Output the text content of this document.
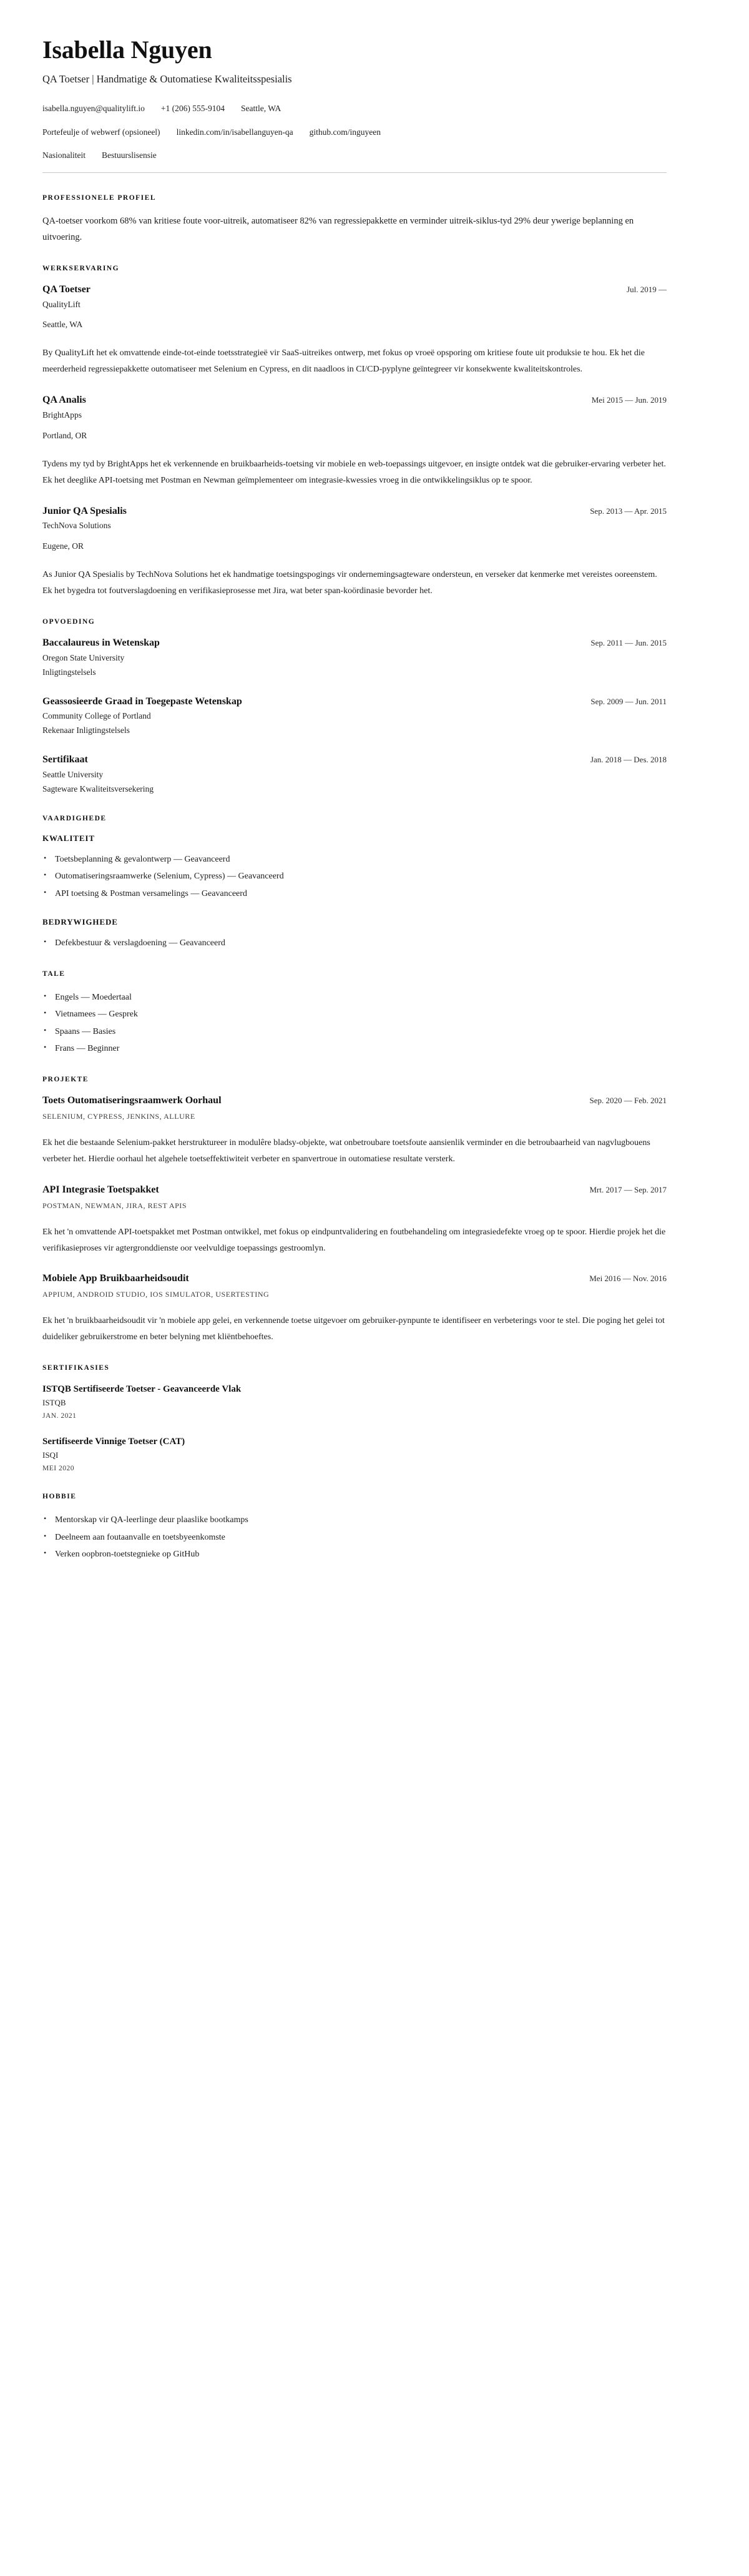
Isabella Nguyen
QA Toetser | Handmatige & Outomatiese Kwaliteitsspesialis
isabella.nguyen@qualitylift.io +1 (206) 555-9104 Seattle, WA
Portefeulje of webwerf (opsioneel) linkedin.com/in/isabellanguyen-qa github.com/inguyeen
Nasionaliteit Bestuurslisensie
PROFESSIONELE PROFIEL

QA-toetser voorkom 68% van kritiese foute voor-uitreik, automatiseer 82% van regressiepakkette en verminder uitreik-siklus-tyd 29% deur ywerige beplanning en uitvoering.

WERKSERVARING
QA Toetser	Jul. 2019 —
QualityLift
Seattle, WA

By QualityLift het ek omvattende einde-tot-einde toetsstrategieë vir SaaS-uitreikes ontwerp, met fokus op vroeë opsporing om kritiese foute uit produksie te hou. Ek het die meerderheid regressiepakkette outomatiseer met Selenium en Cypress, en dit naadloos in CI/CD-pyplyne geïntegreer vir konsekwente kwaliteitskontroles.

QA Analis	Mei 2015 — Jun. 2019
BrightApps
Portland, OR

Tydens my tyd by BrightApps het ek verkennende en bruikbaarheids-toetsing vir mobiele en web-toepassings uitgevoer, en insigte ontdek wat die gebruiker-ervaring verbeter het. Ek het deeglike API-toetsing met Postman en Newman geïmplementeer om integrasie-kwessies vroeg in die ontwikkelingsiklus op te spoor.

Junior QA Spesialis	Sep. 2013 — Apr. 2015
TechNova Solutions
Eugene, OR

As Junior QA Spesialis by TechNova Solutions het ek handmatige toetsingspogings vir ondernemingsagteware ondersteun, en verseker dat kenmerke met vereistes ooreenstem. Ek het bygedra tot foutverslagdoening en verifikasieprosesse met Jira, wat beter span-koördinasie bevorder het.

OPVOEDING
Baccalaureus in Wetenskap	Sep. 2011 — Jun. 2015
Oregon State University
Inligtingstelsels
Geassosieerde Graad in Toegepaste Wetenskap	Sep. 2009 — Jun. 2011
Community College of Portland
Rekenaar Inligtingstelsels
Sertifikaat	Jan. 2018 — Des. 2018
Seattle University
Sagteware Kwaliteitsversekering
VAARDIGHEDE
KWALITEIT
• Toetsbeplanning & gevalontwerp — Geavanceerd
• Outomatiseringsraamwerke (Selenium, Cypress) — Geavanceerd
• API toetsing & Postman versamelings — Geavanceerd
BEDRYWIGHEDE
• Defekbestuur & verslagdoening — Geavanceerd
TALE
• Engels — Moedertaal
• Vietnamees — Gesprek
• Spaans — Basies
• Frans — Beginner
PROJEKTE
Toets Outomatiseringsraamwerk Oorhaul	Sep. 2020 — Feb. 2021
SELENIUM, CYPRESS, JENKINS, ALLURE

Ek het die bestaande Selenium-pakket herstruktureer in modulêre bladsy-objekte, wat onbetroubare toetsfoute aansienlik verminder en die betroubaarheid van nagvlugbouens verbeter het. Hierdie oorhaul het algehele toetseffektiwiteit verbeter en spanvertroue in outomatiese resultate versterk.

API Integrasie Toetspakket	Mrt. 2017 — Sep. 2017
POSTMAN, NEWMAN, JIRA, REST APIS

Ek het 'n omvattende API-toetspakket met Postman ontwikkel, met fokus op eindpuntvalidering en foutbehandeling om integrasiedefekte vroeg op te spoor. Hierdie projek het die verifikasieproses vir agtergronddienste oor veelvuldige toepassings gestroomlyn.

Mobiele App Bruikbaarheidsoudit	Mei 2016 — Nov. 2016
APPIUM, ANDROID STUDIO, IOS SIMULATOR, USERTESTING

Ek het 'n bruikbaarheidsoudit vir 'n mobiele app gelei, en verkennende toetse uitgevoer om gebruiker-pynpunte te identifiseer en verbeterings voor te stel. Die poging het gelei tot duideliker gebruikerstrome en beter belyning met kliëntbehoeftes.

SERTIFIKASIES
ISTQB Sertifiseerde Toetser - Geavanceerde Vlak
ISTQB
JAN. 2021
Sertifiseerde Vinnige Toetser (CAT)
ISQI
MEI 2020
HOBBIE
• Mentorskap vir QA-leerlinge deur plaaslike bootkamps
• Deelneem aan foutaanvalle en toetsbyeenkomste
• Verken oopbron-toetstegnieke op GitHub
